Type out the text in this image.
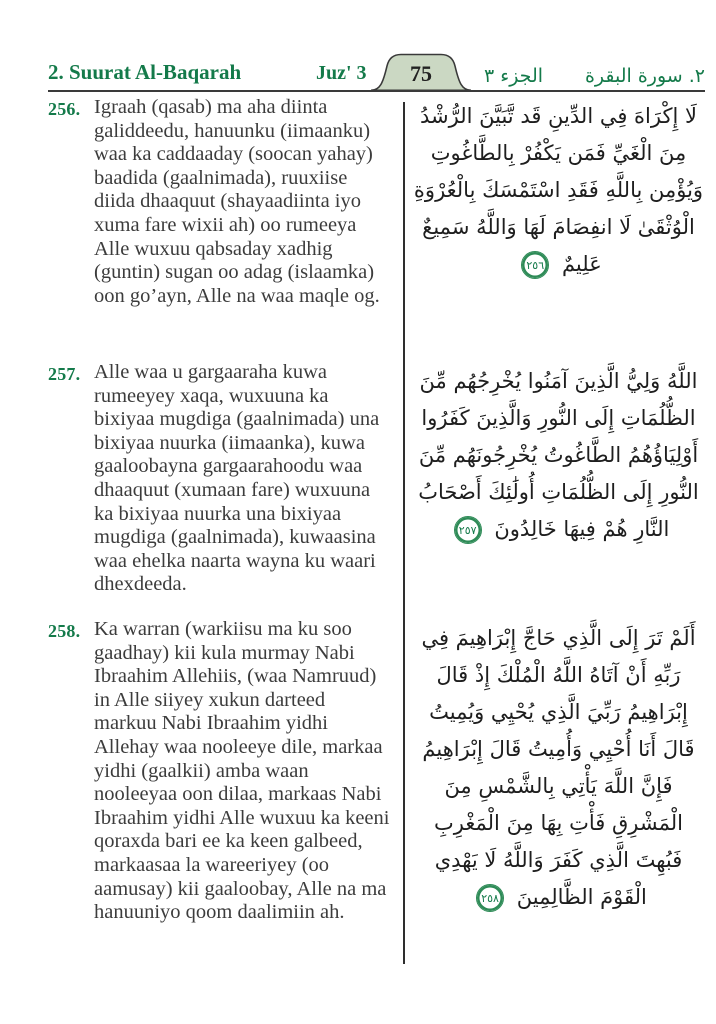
2. Suurat Al-Baqarah	Juz' 3 75	الجزء ٣ ٢. سورة البقرة
256. Igraah (qasab) ma aha diinta galiddeedu, hanuunku (iimaanku) waa ka caddaaday (soocan yahay) baadida (gaalnimada), ruuxiise diida dhaaquut (shayaadiinta iyo xuma fare wixii ah) oo rumeeya Alle wuxuu qabsaday xadhig (guntin) sugan oo adag (islaamka) oon go’ayn, Alle na waa maqle og.
لَا إِكْرَاهَ فِي الدِّينِ قَد تَّبَيَّنَ الرُّشْدُ مِنَ الْغَيِّ فَمَن يَكْفُرْ بِالطَّاغُوتِ وَيُؤْمِن بِاللَّهِ فَقَدِ اسْتَمْسَكَ بِالْعُرْوَةِ الْوُثْقَىٰ لَا انفِصَامَ لَهَا وَاللَّهُ سَمِيعٌ عَلِيمٌ
٢٥٦
257. Alle waa u gargaaraha kuwa rumeeyey xaqa, wuxuuna ka bixiyaa mugdiga (gaalnimada) una bixiyaa nuurka (iimaanka), kuwa gaaloobayna gargaarahoodu waa dhaaquut (xumaan fare) wuxuuna ka bixiyaa nuurka una bixiyaa mugdiga (gaalnimada), kuwaasina waa ehelka naarta wayna ku waari dhexdeeda.
اللَّهُ وَلِيُّ الَّذِينَ آمَنُوا يُخْرِجُهُم مِّنَ الظُّلُمَاتِ إِلَى النُّورِ وَالَّذِينَ كَفَرُوا أَوْلِيَاؤُهُمُ الطَّاغُوتُ يُخْرِجُونَهُم مِّنَ النُّورِ إِلَى الظُّلُمَاتِ أُولَٰئِكَ أَصْحَابُ النَّارِ هُمْ فِيهَا خَالِدُونَ
٢٥٧
258. Ka warran (warkiisu ma ku soo gaadhay) kii kula murmay Nabi Ibraahim Allehiis, (waa Namruud) in Alle siiyey xukun darteed markuu Nabi Ibraahim yidhi Allehay waa nooleeye dile, markaa yidhi (gaalkii) amba waan nooleeyaa oon dilaa, markaas Nabi Ibraahim yidhi Alle wuxuu ka keeni qoraxda bari ee ka keen galbeed, markaasaa la wareeriyey (oo aamusay) kii gaaloobay, Alle na ma hanuuniyo qoom daalimiin ah.
أَلَمْ تَرَ إِلَى الَّذِي حَاجَّ إِبْرَاهِيمَ فِي رَبِّهِ أَنْ آتَاهُ اللَّهُ الْمُلْكَ إِذْ قَالَ إِبْرَاهِيمُ رَبِّيَ الَّذِي يُحْيِي وَيُمِيتُ قَالَ أَنَا أُحْيِي وَأُمِيتُ قَالَ إِبْرَاهِيمُ فَإِنَّ اللَّهَ يَأْتِي بِالشَّمْسِ مِنَ الْمَشْرِقِ فَأْتِ بِهَا مِنَ الْمَغْرِبِ فَبُهِتَ الَّذِي كَفَرَ وَاللَّهُ لَا يَهْدِي الْقَوْمَ الظَّالِمِينَ
٢٥٨
